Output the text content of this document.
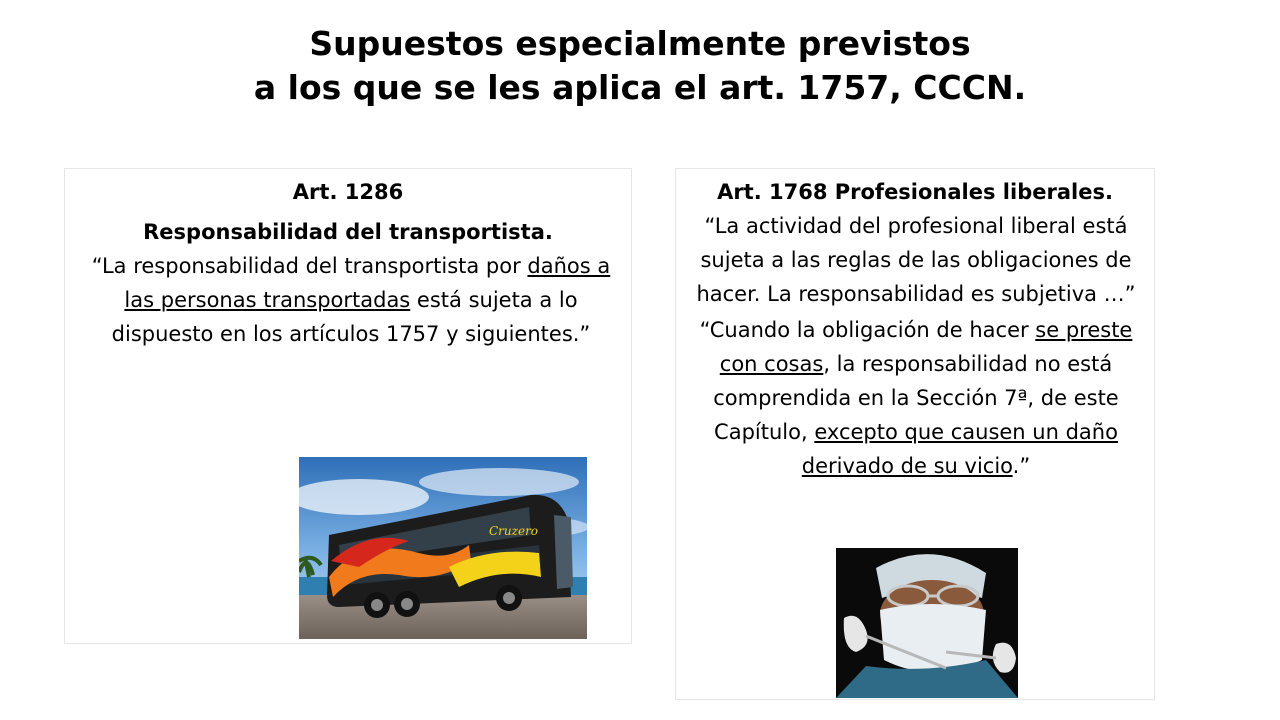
Supuestos especialmente previstos
a los que se les aplica el art. 1757, CCCN.
Art. 1286
Responsabilidad del transportista.

“La responsabilidad del transportista por daños a las personas transportadas está sujeta a lo dispuesto en los artículos 1757 y siguientes.”

Cruzero
Art. 1768 Profesionales liberales.

“La actividad del profesional liberal está sujeta a las reglas de las obligaciones de hacer. La responsabilidad es subjetiva …”

“Cuando la obligación de hacer se preste con cosas, la responsabilidad no está comprendida en la Sección 7ª, de este Capítulo, excepto que causen un daño derivado de su vicio.”
